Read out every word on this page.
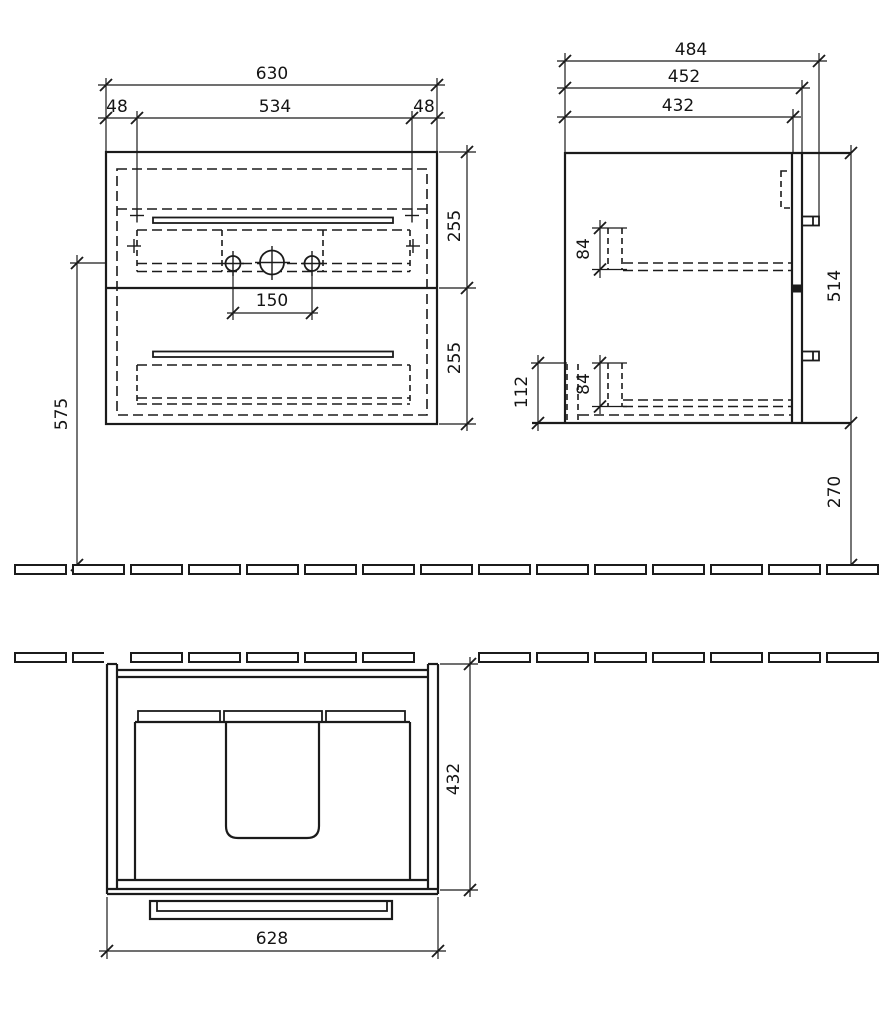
630
48	534	48
255
255
575
150
484
452
432
84
84
112
514
270
432
628
